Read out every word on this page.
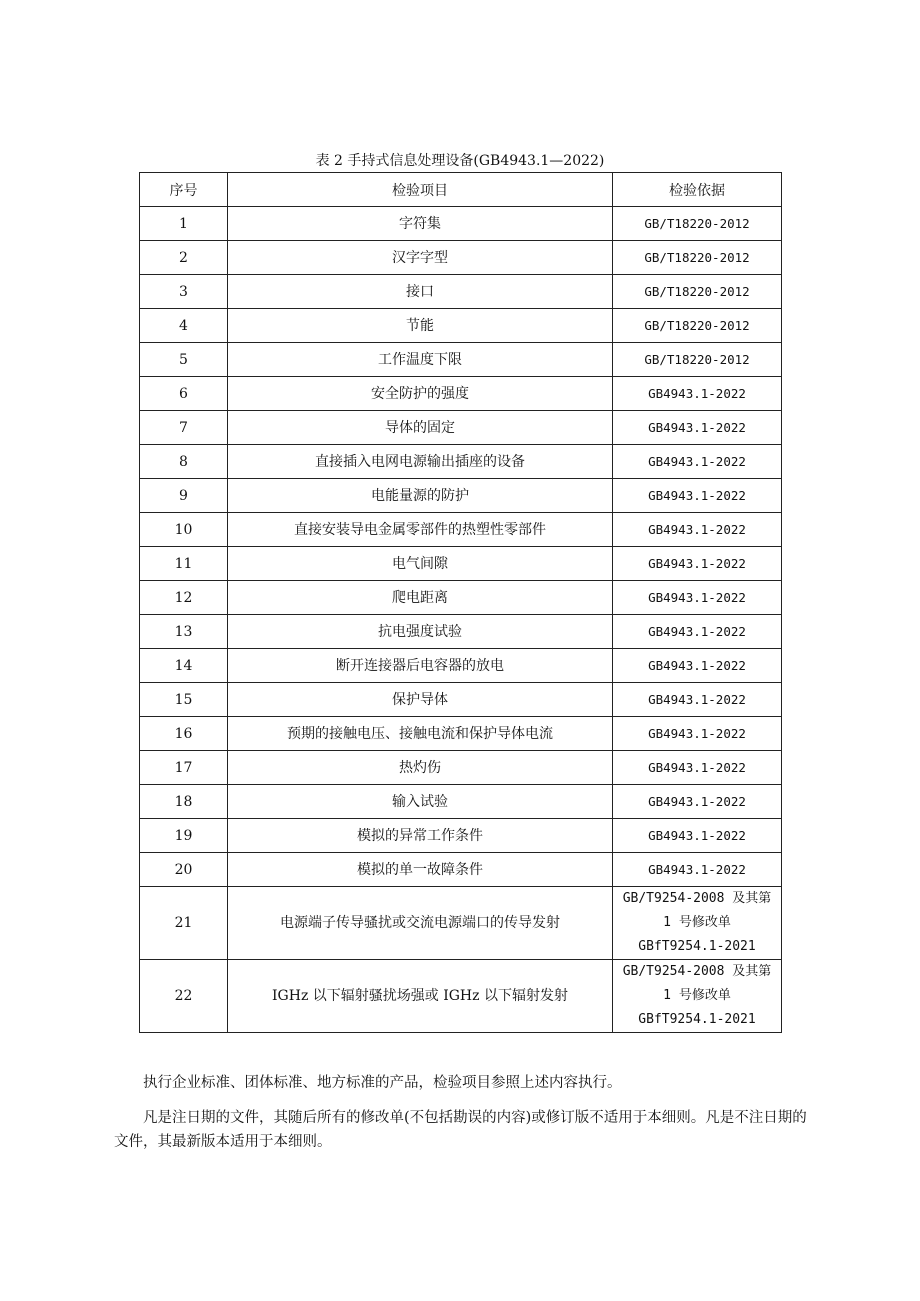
表 2 手持式信息处理设备(GB4943.1—2022)
序号	检验项目	检验依据
1	字符集	GB/T18220-2012
2	汉字字型	GB/T18220-2012
3	接口	GB/T18220-2012
4	节能	GB/T18220-2012
5	工作温度下限	GB/T18220-2012
6	安全防护的强度	GB4943.1-2022
7	导体的固定	GB4943.1-2022
8	直接插入电网电源输出插座的设备	GB4943.1-2022
9	电能量源的防护	GB4943.1-2022
10	直接安装导电金属零部件的热塑性零部件	GB4943.1-2022
11	电气间隙	GB4943.1-2022
12	爬电距离	GB4943.1-2022
13	抗电强度试验	GB4943.1-2022
14	断开连接器后电容器的放电	GB4943.1-2022
15	保护导体	GB4943.1-2022
16	预期的接触电压、接触电流和保护导体电流	GB4943.1-2022
17	热灼伤	GB4943.1-2022
18	输入试验	GB4943.1-2022
19	模拟的异常工作条件	GB4943.1-2022
20	模拟的单一故障条件	GB4943.1-2022
21	电源端子传导骚扰或交流电源端口的传导发射	GB/T9254-2008 及其第 1 号修改单 GBfT9254.1-2021
22	IGHz 以下辐射骚扰场强或 IGHz 以下辐射发射	GB/T9254-2008 及其第 1 号修改单 GBfT9254.1-2021

执行企业标准、团体标准、地方标准的产品，检验项目参照上述内容执行。

凡是注日期的文件，其随后所有的修改单(不包括勘误的内容)或修订版不适用于本细则。凡是不注日期的文件，其最新版本适用于本细则。
